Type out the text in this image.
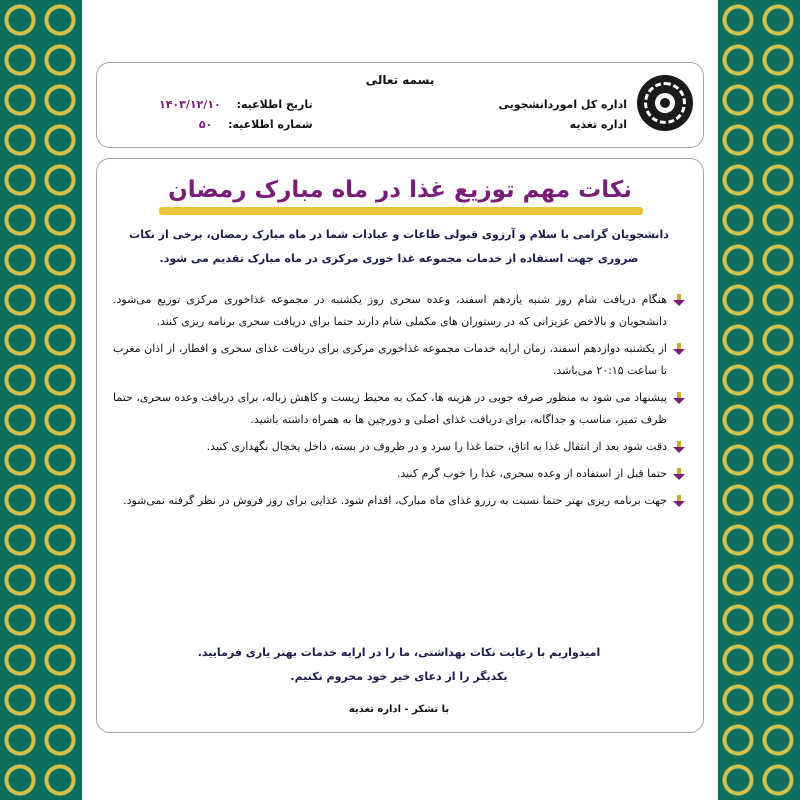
بسمه تعالی
اداره کل اموردانشجویی
اداره تغذیه
تاریخ اطلاعیه: ۱۴۰۳/۱۲/۱۰
شماره اطلاعیه: ۵۰
نکات مهم توزیع غذا در ماه مبارک رمضان
دانشجویان گرامی با سلام و آرزوی قبولی طاعات و عبادات شما در ماه مبارک رمضان، برخی از نکات ضروری جهت استفاده از خدمات مجموعه غذا خوری مرکزی در ماه مبارک تقدیم می شود.
هنگام دریافت شام روز شنبه یازدهم اسفند، وعده سحری روز یکشنبه در مجموعه غذاخوری مرکزی توزیع می‌شود. دانشجویان و بالاخص عزیزانی که در رستوران های مکملی شام دارند حتما برای دریافت سحری برنامه ریزی کنند.
از یکشنبه دوازدهم اسفند، زمان ارایه خدمات مجموعه غذاخوری مرکزی برای دریافت غذای سحری و افطار، از اذان مغرب تا ساعت ۲۰:۱۵ می‌باشد.
پیشنهاد می شود به منظور صرفه جویی در هزینه ها، کمک به محیط زیست و کاهش زباله، برای دریافت وعده سحری، حتما ظرف تمیز، مناسب و جداگانه، برای دریافت غذای اصلی و دورچین ها به همراه داشته باشید.
دقت شود بعد از انتقال غذا به اتاق، حتما غذا را سرد و در ظروف در بسته، داخل یخچال نگهداری کنید.
حتما قبل از استفاده از وعده سحری، غذا را خوب گرم کنید.
جهت برنامه ریزی بهتر حتما نسبت به رزرو غذای ماه مبارک، اقدام شود. غذایی برای روز فروش در نظر گرفته نمی‌شود.
امیدواریم با رعایت نکات بهداشتی، ما را در ارایه خدمات بهتر یاری فرمایید.
یکدیگر را از دعای خیر خود محروم نکنیم.
با تشکر - اداره تغذیه
